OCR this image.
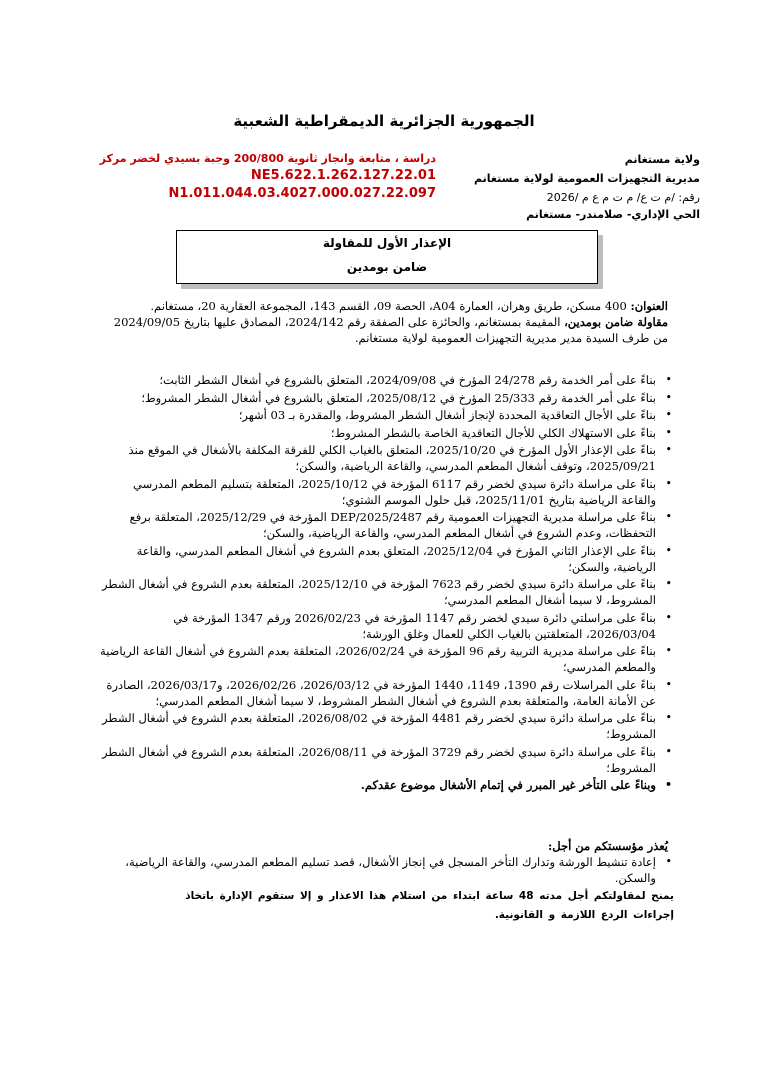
الجمهورية الجزائرية الديمقراطية الشعبية
ولاية مستغانم
مديرية التجهيزات العمومية لولاية مستغانم
رقم: /م ت ع/ م ت م ع م /2026
دراسة ، متابعة وانجاز ثانوية 200/800 وجبة بسيدي لخضر مركز
NE5.622.1.262.127.22.01
N1.011.044.03.4027.000.027.22.097
الحي الإداري- صلامندر- مستغانم
الإعذار الأول للمقاولة
ضامن بومدين
العنوان: 400 مسكن، طريق وهران، العمارة A04، الحصة 09، القسم 143، المجموعة العقارية 20، مستغانم.
مقاولة ضامن بومدين، المقيمة بمستغانم، والحائزة على الصفقة رقم 2024/142، المصادق عليها بتاريخ 2024/09/05
من طرف السيدة مدير مديرية التجهيزات العمومية لولاية مستغانم.
• بناءً على أمر الخدمة رقم 24/278 المؤرخ في 2024/09/08، المتعلق بالشروع في أشغال الشطر الثابت؛
• بناءً على أمر الخدمة رقم 25/333 المؤرخ في 2025/08/12، المتعلق بالشروع في أشغال الشطر المشروط؛
• بناءً على الأجال التعاقدية المحددة لإنجاز أشغال الشطر المشروط، والمقدرة بـ 03 أشهر؛
• بناءً على الاستهلاك الكلي للأجال التعاقدية الخاصة بالشطر المشروط؛
• بناءً على الإعذار الأول المؤرخ في 2025/10/20، المتعلق بالغياب الكلي للفرقة المكلفة بالأشغال في الموقع منذ 2025/09/21، وتوقف أشغال المطعم المدرسي، والقاعة الرياضية، والسكن؛
• بناءً على مراسلة دائرة سيدي لخضر رقم 6117 المؤرخة في 2025/10/12، المتعلقة بتسليم المطعم المدرسي والقاعة الرياضية بتاريخ 2025/11/01، قبل حلول الموسم الشتوي؛
• بناءً على مراسلة مديرية التجهيزات العمومية رقم DEP/2025/2487 المؤرخة في 2025/12/29، المتعلقة برفع التحفظات، وعدم الشروع في أشغال المطعم المدرسي، والقاعة الرياضية، والسكن؛
• بناءً على الإعذار الثاني المؤرخ في 2025/12/04، المتعلق بعدم الشروع في أشغال المطعم المدرسي، والقاعة الرياضية، والسكن؛
• بناءً على مراسلة دائرة سيدي لخضر رقم 7623 المؤرخة في 2025/12/10، المتعلقة بعدم الشروع في أشغال الشطر المشروط، لا سيما أشغال المطعم المدرسي؛
• بناءً على مراسلتي دائرة سيدي لخضر رقم 1147 المؤرخة في 2026/02/23 ورقم 1347 المؤرخة في 2026/03/04، المتعلقتين بالغياب الكلي للعمال وغلق الورشة؛
• بناءً على مراسلة مديرية التربية رقم 96 المؤرخة في 2026/02/24، المتعلقة بعدم الشروع في أشغال القاعة الرياضية والمطعم المدرسي؛
• بناءً على المراسلات رقم 1390، 1149، 1440 المؤرخة في 2026/03/12، 2026/02/26، و2026/03/17، الصادرة عن الأمانة العامة، والمتعلقة بعدم الشروع في أشغال الشطر المشروط، لا سيما أشغال المطعم المدرسي؛
• بناءً على مراسلة دائرة سيدي لخضر رقم 4481 المؤرخة في 2026/08/02، المتعلقة بعدم الشروع في أشغال الشطر المشروط؛
• بناءً على مراسلة دائرة سيدي لخضر رقم 3729 المؤرخة في 2026/08/11، المتعلقة بعدم الشروع في أشغال الشطر المشروط؛
• وبناءً على التأخر غير المبرر في إتمام الأشغال موضوع عقدكم.
يُعذر مؤسستكم من أجل:
• إعادة تنشيط الورشة وتدارك التأخر المسجل في إنجاز الأشغال، قصد تسليم المطعم المدرسي، والقاعة الرياضية، والسكن.
يمنح لمقاولتكم أجل مدته 48 ساعة ابتداء من استلام هذا الاعذار و إلا ستقوم الإدارة باتخاذ
إجراءات الردع اللازمة و القانونية.
